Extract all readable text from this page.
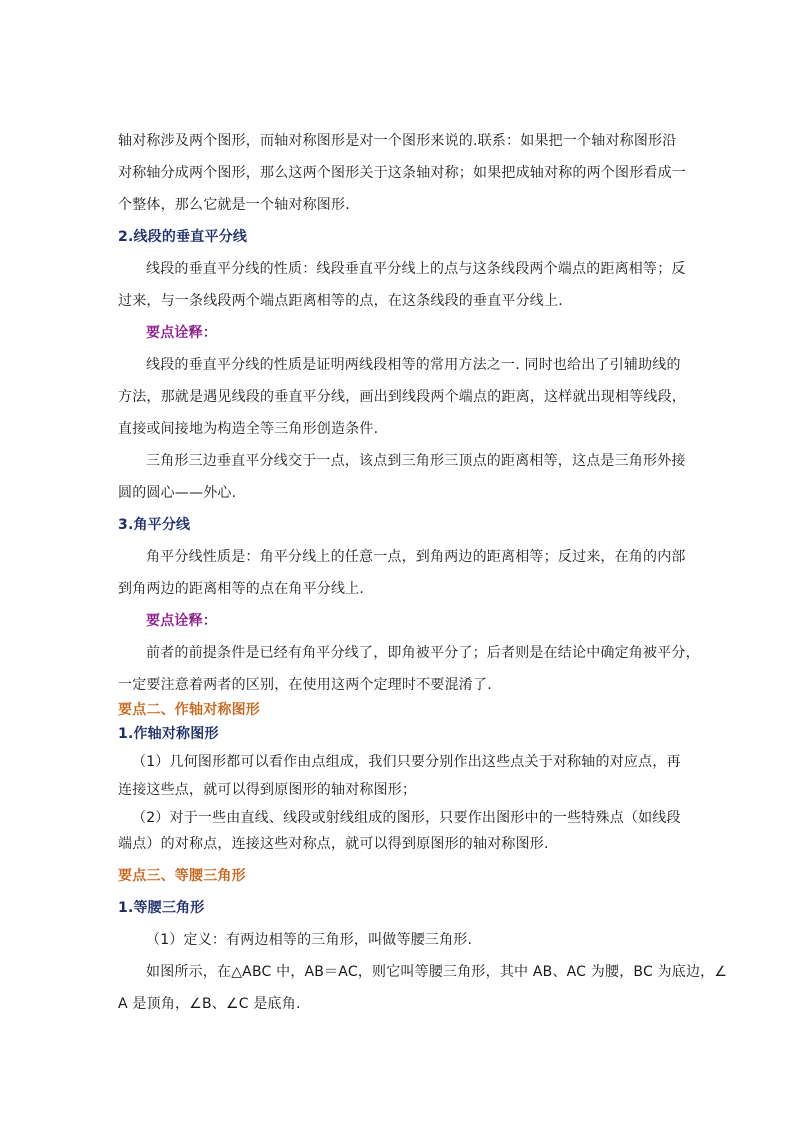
轴对称涉及两个图形，而轴对称图形是对一个图形来说的.联系：如果把一个轴对称图形沿
对称轴分成两个图形，那么这两个图形关于这条轴对称；如果把成轴对称的两个图形看成一
个整体，那么它就是一个轴对称图形.
2.线段的垂直平分线
线段的垂直平分线的性质：线段垂直平分线上的点与这条线段两个端点的距离相等；反
过来，与一条线段两个端点距离相等的点，在这条线段的垂直平分线上.
要点诠释：
线段的垂直平分线的性质是证明两线段相等的常用方法之一. 同时也给出了引辅助线的
方法，那就是遇见线段的垂直平分线，画出到线段两个端点的距离，这样就出现相等线段，
直接或间接地为构造全等三角形创造条件.
三角形三边垂直平分线交于一点，该点到三角形三顶点的距离相等，这点是三角形外接
圆的圆心——外心.
3.角平分线
角平分线性质是：角平分线上的任意一点，到角两边的距离相等；反过来，在角的内部
到角两边的距离相等的点在角平分线上.
要点诠释：
前者的前提条件是已经有角平分线了，即角被平分了；后者则是在结论中确定角被平分，
一定要注意着两者的区别，在使用这两个定理时不要混淆了.
要点二、作轴对称图形
1.作轴对称图形
（1）几何图形都可以看作由点组成，我们只要分别作出这些点关于对称轴的对应点，再
连接这些点，就可以得到原图形的轴对称图形；
（2）对于一些由直线、线段或射线组成的图形，只要作出图形中的一些特殊点（如线段
端点）的对称点，连接这些对称点，就可以得到原图形的轴对称图形.
要点三、等腰三角形
1.等腰三角形
（1）定义：有两边相等的三角形，叫做等腰三角形.
如图所示，在△ABC 中，AB＝AC，则它叫等腰三角形，其中 AB、AC 为腰，BC 为底边，∠
A 是顶角，∠B、∠C 是底角.
